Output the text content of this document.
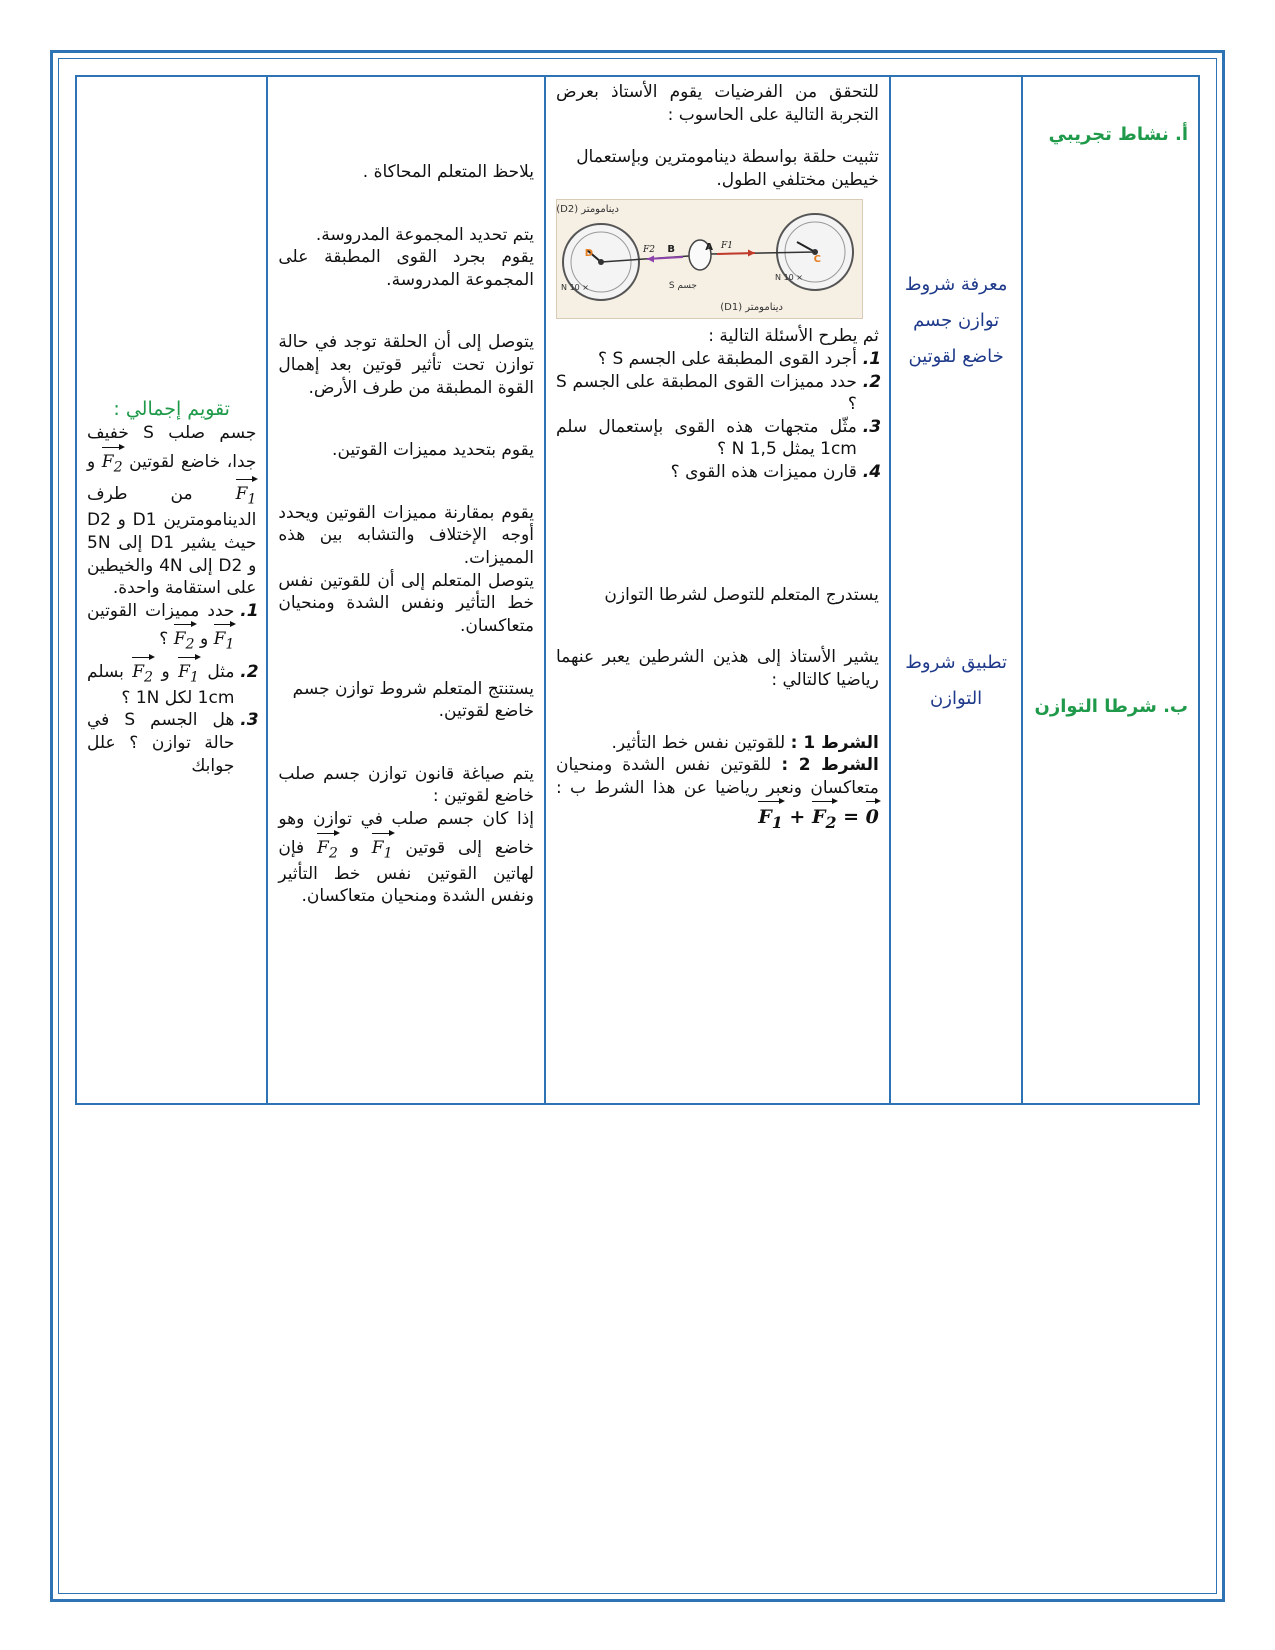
أ. نشاط تجريبي
ب. شرطا التوازن

معرفة شروط توازن جسم خاضع لقوتين
تطبيق شروط التوازن

للتحقق من الفرضيات يقوم الأستاذ بعرض التجربة التالية على الحاسوب :
تثبيت حلقة بواسطة دينامومترين وبإستعمال خيطين مختلفي الطول.
دينامومتر (D2)
دينامومتر (D1)
جسم S
× 10 N
× 10 N
D	B	A
C
F2	F1
ثم يطرح الأسئلة التالية :
1. أجرد القوى المطبقة على الجسم S ؟
2. حدد مميزات القوى المطبقة على الجسم S ؟
3. مثّل متجهات هذه القوى بإستعمال سلم 1cm يمثل 1,5 N ؟
4. قارن مميزات هذه القوى ؟
يستدرج المتعلم للتوصل لشرطا التوازن
يشير الأستاذ إلى هذين الشرطين يعبر عنهما رياضيا كالتالي :
الشرط 1 : للقوتين نفس خط التأثير.
الشرط 2 : للقوتين نفس الشدة ومنحيان متعاكسان ونعبر رياضيا عن هذا الشرط ب : $F_1 + F_2 = 0$

يلاحظ المتعلم المحاكاة .
يتم تحديد المجموعة المدروسة.
يقوم بجرد القوى المطبقة على المجموعة المدروسة.
يتوصل إلى أن الحلقة توجد في حالة توازن تحت تأثير قوتين بعد إهمال القوة المطبقة من طرف الأرض.
يقوم بتحديد مميزات القوتين.
يقوم بمقارنة مميزات القوتين ويحدد أوجه الإختلاف والتشابه بين هذه المميزات.
يتوصل المتعلم إلى أن للقوتين نفس خط التأثير ونفس الشدة ومنحيان متعاكسان.
يستنتج المتعلم شروط توازن جسم خاضع لقوتين.
يتم صياغة قانون توازن جسم صلب خاضع لقوتين :
إذا كان جسم صلب في توازن وهو خاضع إلى قوتين $F_1$ و $F_2$ فإن لهاتين القوتين نفس خط التأثير ونفس الشدة ومنحيان متعاكسان.

تقويم إجمالي :
جسم صلب S خفيف جدا، خاضع لقوتين $F_2$ و $F_1$ من طرف الدينامومترين D1 و D2 حيث يشير D1 إلى 5N و D2 إلى 4N والخيطين على استقامة واحدة.
1. حدد مميزات القوتين $F_1$ و $F_2$ ؟
2. مثل $F_1$ و $F_2$ بسلم 1cm لكل 1N ؟
3. هل الجسم S في حالة توازن ؟ علل جوابك
